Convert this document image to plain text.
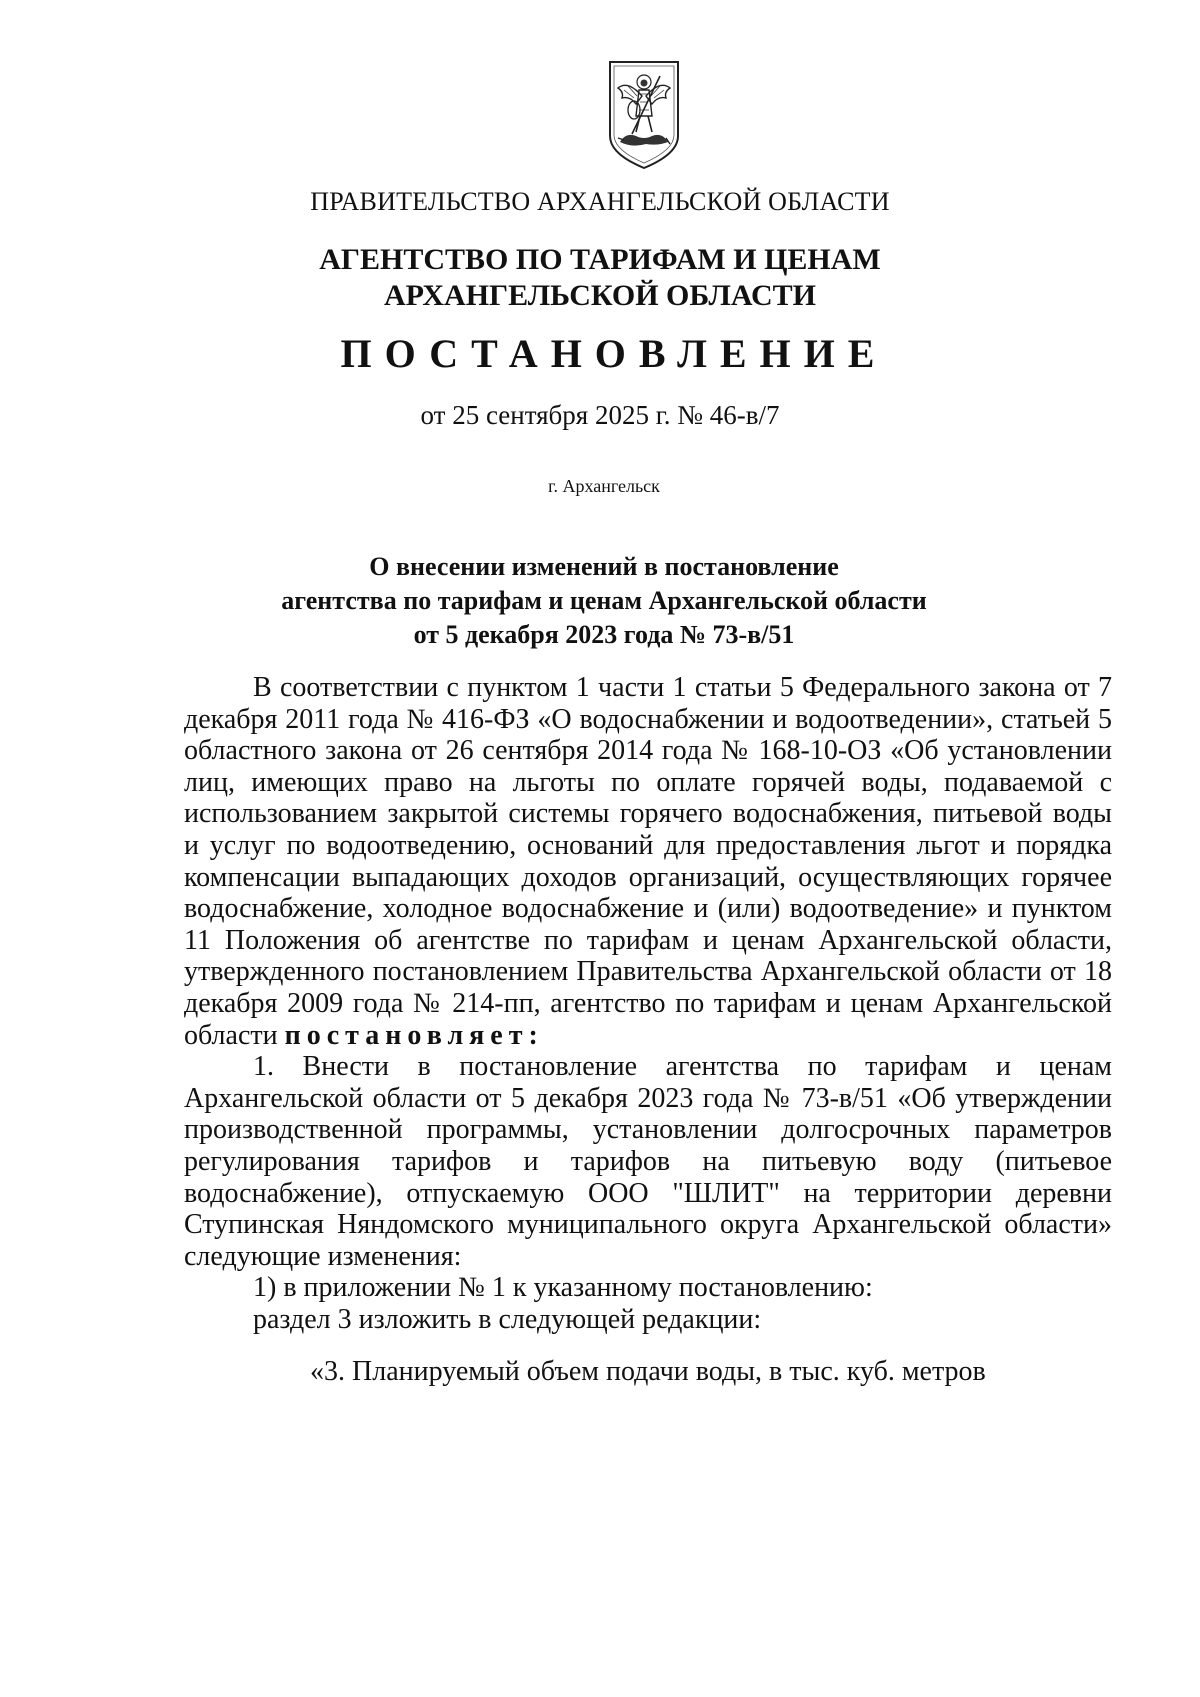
ПРАВИТЕЛЬСТВО АРХАНГЕЛЬСКОЙ ОБЛАСТИ
АГЕНТСТВО ПО ТАРИФАМ И ЦЕНАМ
АРХАНГЕЛЬСКОЙ ОБЛАСТИ
ПОСТАНОВЛЕНИЕ
от 25 сентября 2025 г. № 46-в/7
г. Архангельск
О внесении изменений в постановление
агентства по тарифам и ценам Архангельской области
от 5 декабря 2023 года № 73-в/51

В соответствии с пунктом 1 части 1 статьи 5 Федерального закона от 7 декабря 2011 года № 416-ФЗ «О водоснабжении и водоотведении», статьей 5 областного закона от 26 сентября 2014 года № 168-10-ОЗ «Об установлении лиц, имеющих право на льготы по оплате горячей воды, подаваемой с использованием закрытой системы горячего водоснабжения, питьевой воды и услуг по водоотведению, оснований для предоставления льгот и порядка компенсации выпадающих доходов организаций, осуществляющих горячее водоснабжение, холодное водоснабжение и (или) водоотведение» и пунктом 11 Положения об агентстве по тарифам и ценам Архангельской области, утвержденного постановлением Правительства Архангельской области от 18 декабря 2009 года № 214-пп, агентство по тарифам и ценам Архангельской области постановляет:

1. Внести в постановление агентства по тарифам и ценам Архангельской области от 5 декабря 2023 года № 73-в/51 «Об утверждении производственной программы, установлении долгосрочных параметров регулирования тарифов и тарифов на питьевую воду (питьевое водоснабжение), отпускаемую ООО "ШЛИТ" на территории деревни Ступинская Няндомского муниципального округа Архангельской области» следующие изменения:

1) в приложении № 1 к указанному постановлению:

раздел 3 изложить в следующей редакции:

«3. Планируемый объем подачи воды, в тыс. куб. метров
